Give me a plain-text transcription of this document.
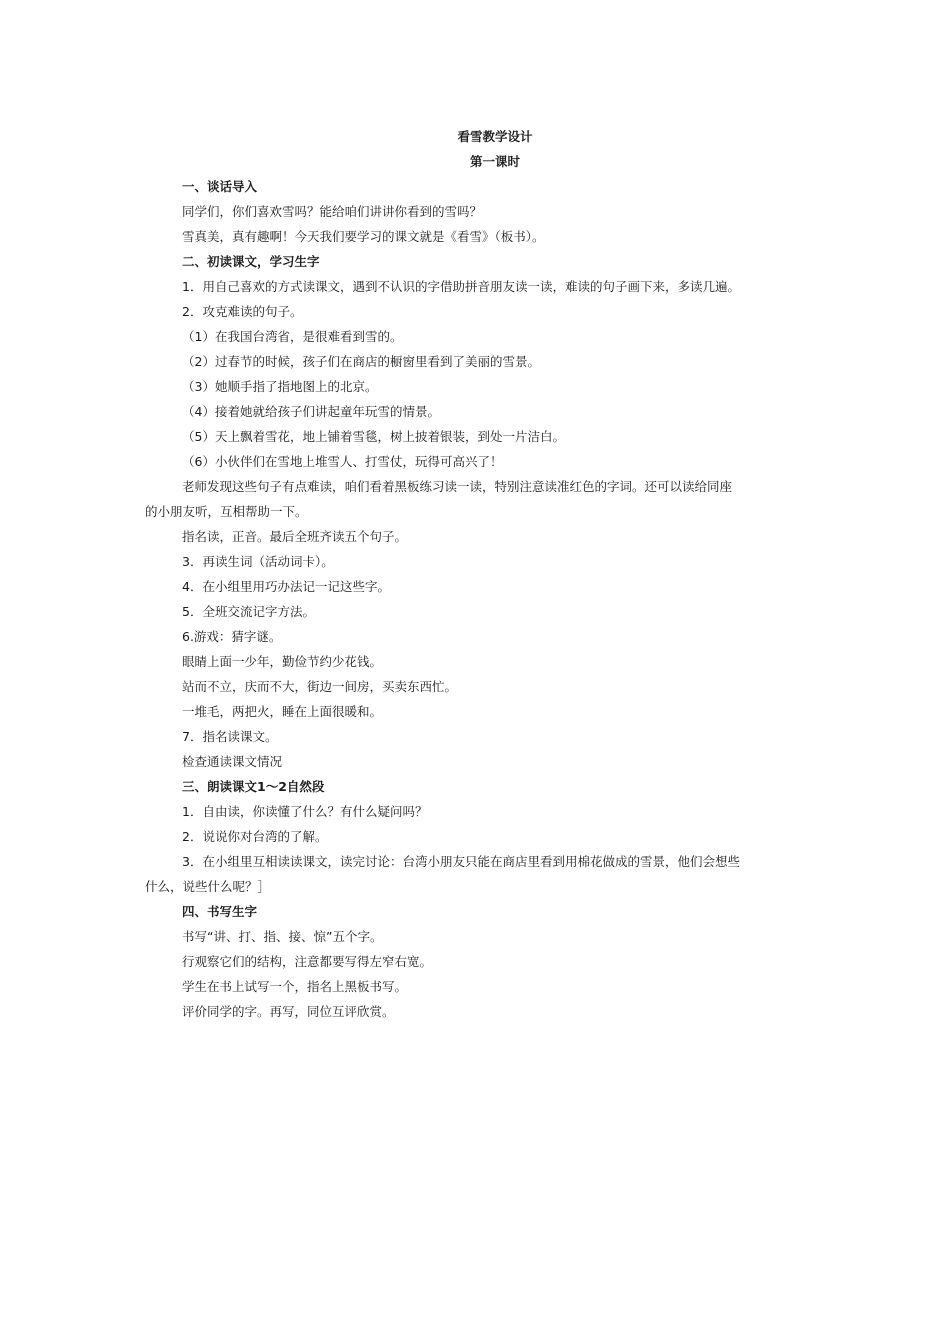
看雪教学设计
第一课时
一、谈话导入
同学们，你们喜欢雪吗？能给咱们讲讲你看到的雪吗？
雪真美，真有趣啊！今天我们要学习的课文就是《看雪》（板书）。
二、初读课文，学习生字
1．用自己喜欢的方式读课文，遇到不认识的字借助拼音朋友读一读，难读的句子画下来，多读几遍。
2．攻克难读的句子。
（1）在我国台湾省，是很难看到雪的。
（2）过春节的时候，孩子们在商店的橱窗里看到了美丽的雪景。
（3）她顺手指了指地图上的北京。
（4）接着她就给孩子们讲起童年玩雪的情景。
（5）天上飘着雪花，地上铺着雪毯，树上披着银装，到处一片洁白。
（6）小伙伴们在雪地上堆雪人、打雪仗，玩得可高兴了！
老师发现这些句子有点难读，咱们看着黑板练习读一读，特别注意读准红色的字词。还可以读给同座
的小朋友听，互相帮助一下。
指名读，正音。最后全班齐读五个句子。
3．再读生词（活动词卡）。
4．在小组里用巧办法记一记这些字。
5．全班交流记字方法。
6.游戏：猜字谜。
眼睛上面一少年，勤俭节约少花钱。
站而不立，庆而不大，街边一间房，买卖东西忙。
一堆毛，两把火，睡在上面很暖和。
7．指名读课文。
检查通读课文情况
三、朗读课文1～2自然段
1．自由读，你读懂了什么？有什么疑问吗？
2．说说你对台湾的了解。
3．在小组里互相读读课文，读完讨论：台湾小朋友只能在商店里看到用棉花做成的雪景，他们会想些
什么，说些什么呢？］
四、书写生字
书写“讲、打、指、接、惊”五个字。
行观察它们的结构，注意都要写得左窄右宽。
学生在书上试写一个，指名上黑板书写。
评价同学的字。再写，同位互评欣赏。
